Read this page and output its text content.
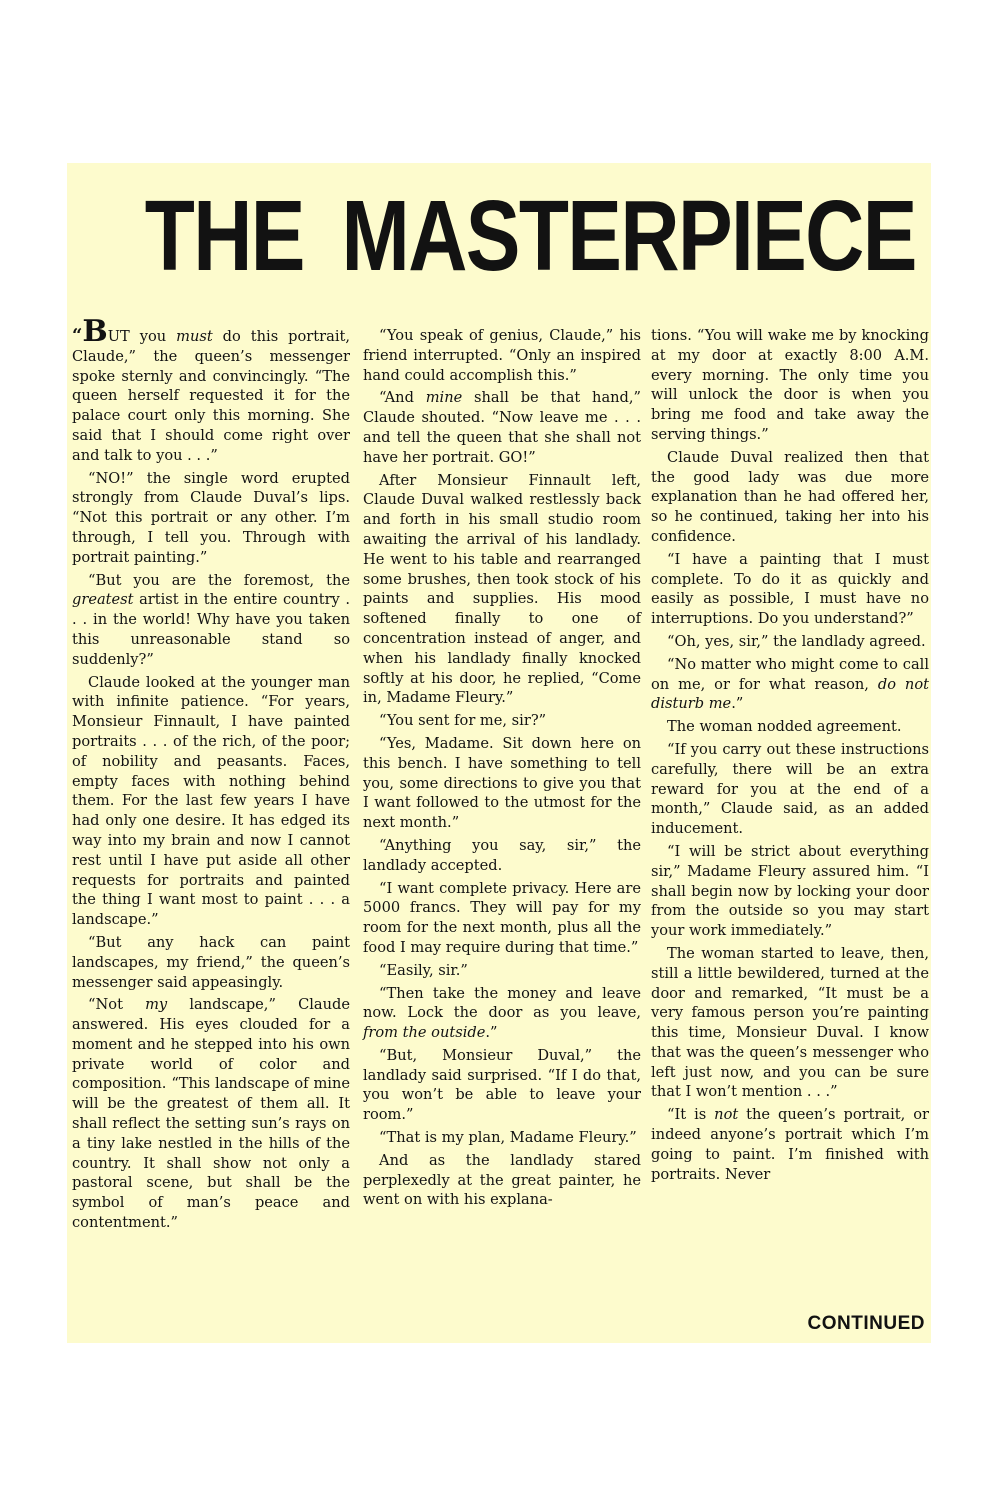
THE MASTERPIECE

“BUT you must do this portrait, Claude,” the queen’s messenger spoke sternly and convincingly. “The queen herself requested it for the palace court only this morning. She said that I should come right over and talk to you . . .”

“NO!” the single word erupted strongly from Claude Duval’s lips. “Not this portrait or any other. I’m through, I tell you. Through with portrait painting.”

“But you are the foremost, the greatest artist in the entire country . . . in the world! Why have you taken this unreasonable stand so suddenly?”

Claude looked at the younger man with infinite patience. “For years, Monsieur Finnault, I have painted portraits . . . of the rich, of the poor; of nobility and peasants. Faces, empty faces with nothing behind them. For the last few years I have had only one desire. It has edged its way into my brain and now I cannot rest until I have put aside all other requests for portraits and painted the thing I want most to paint . . . a landscape.”

“But any hack can paint landscapes, my friend,” the queen’s messenger said appeasingly.

“Not my landscape,” Claude answered. His eyes clouded for a moment and he stepped into his own private world of color and composition. “This landscape of mine will be the greatest of them all. It shall reflect the setting sun’s rays on a tiny lake nestled in the hills of the country. It shall show not only a pastoral scene, but shall be the symbol of man’s peace and contentment.”

“You speak of genius, Claude,” his friend interrupted. “Only an inspired hand could accomplish this.”

“And mine shall be that hand,” Claude shouted. “Now leave me . . . and tell the queen that she shall not have her portrait. GO!”

After Monsieur Finnault left, Claude Duval walked restlessly back and forth in his small studio room awaiting the arrival of his landlady. He went to his table and rearranged some brushes, then took stock of his paints and supplies. His mood softened finally to one of concentration instead of anger, and when his landlady finally knocked softly at his door, he replied, “Come in, Madame Fleury.”

“You sent for me, sir?”

“Yes, Madame. Sit down here on this bench. I have something to tell you, some directions to give you that I want followed to the utmost for the next month.”

“Anything you say, sir,” the landlady accepted.

“I want complete privacy. Here are 5000 francs. They will pay for my room for the next month, plus all the food I may require during that time.”

“Easily, sir.”

“Then take the money and leave now. Lock the door as you leave, from the outside.”

“But, Monsieur Duval,” the landlady said surprised. “If I do that, you won’t be able to leave your room.”

“That is my plan, Madame Fleury.”

And as the landlady stared perplexedly at the great painter, he went on with his explana-

tions. “You will wake me by knocking at my door at exactly 8:00 A.M. every morning. The only time you will unlock the door is when you bring me food and take away the serving things.”

Claude Duval realized then that the good lady was due more explanation than he had offered her, so he continued, taking her into his confidence.

“I have a painting that I must complete. To do it as quickly and easily as possible, I must have no interruptions. Do you understand?”

“Oh, yes, sir,” the landlady agreed.

“No matter who might come to call on me, or for what reason, do not disturb me.”

The woman nodded agreement.

“If you carry out these instructions carefully, there will be an extra reward for you at the end of a month,” Claude said, as an added inducement.

“I will be strict about everything sir,” Madame Fleury assured him. “I shall begin now by locking your door from the outside so you may start your work immediately.”

The woman started to leave, then, still a little bewildered, turned at the door and remarked, “It must be a very famous person you’re painting this time, Monsieur Duval. I know that was the queen’s messenger who left just now, and you can be sure that I won’t mention . . .”

“It is not the queen’s portrait, or indeed anyone’s portrait which I’m going to paint. I’m finished with portraits. Never

CONTINUED
